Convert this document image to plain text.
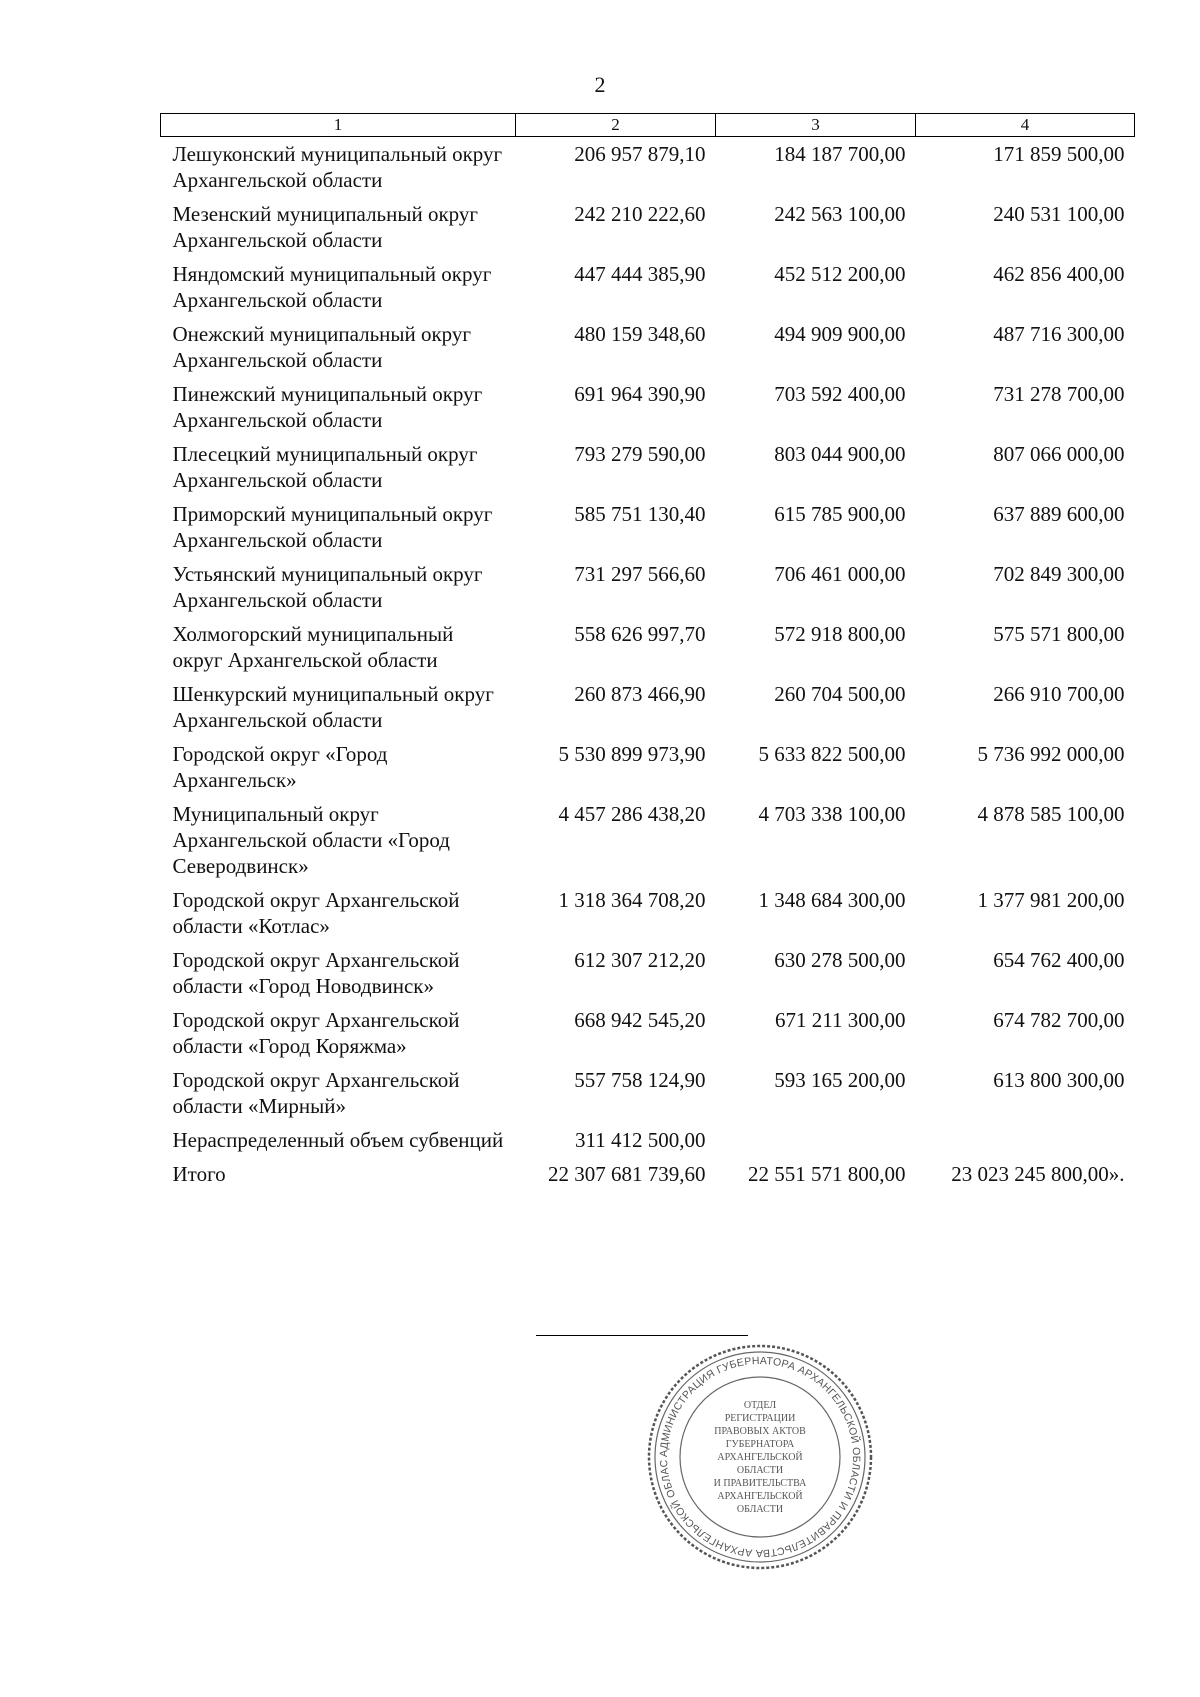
2
1	2	3	4
Лешуконский муниципальный округ Архангельской области	206 957 879,10	184 187 700,00	171 859 500,00
Мезенский муниципальный округ Архангельской области	242 210 222,60	242 563 100,00	240 531 100,00
Няндомский муниципальный округ Архангельской области	447 444 385,90	452 512 200,00	462 856 400,00
Онежский муниципальный округ Архангельской области	480 159 348,60	494 909 900,00	487 716 300,00
Пинежский муниципальный округ Архангельской области	691 964 390,90	703 592 400,00	731 278 700,00
Плесецкий муниципальный округ Архангельской области	793 279 590,00	803 044 900,00	807 066 000,00
Приморский муниципальный округ Архангельской области	585 751 130,40	615 785 900,00	637 889 600,00
Устьянский муниципальный округ Архангельской области	731 297 566,60	706 461 000,00	702 849 300,00
Холмогорский муниципальный округ Архангельской области	558 626 997,70	572 918 800,00	575 571 800,00
Шенкурский муниципальный округ Архангельской области	260 873 466,90	260 704 500,00	266 910 700,00
Городской округ «Город Архангельск»	5 530 899 973,90	5 633 822 500,00	5 736 992 000,00
Муниципальный округ Архангельской области «Город Северодвинск»	4 457 286 438,20	4 703 338 100,00	4 878 585 100,00
Городской округ Архангельской области «Котлас»	1 318 364 708,20	1 348 684 300,00	1 377 981 200,00
Городской округ Архангельской области «Город Новодвинск»	612 307 212,20	630 278 500,00	654 762 400,00
Городской округ Архангельской области «Город Коряжма»	668 942 545,20	671 211 300,00	674 782 700,00
Городской округ Архангельской области «Мирный»	557 758 124,90	593 165 200,00	613 800 300,00
Нераспределенный объем субвенций	311 412 500,00		
Итого	22 307 681 739,60	22 551 571 800,00	23 023 245 800,00».
АДМИНИСТРАЦИЯ ГУБЕРНАТОРА АРХАНГЕЛЬСКОЙ ОБЛАСТИ И ПРАВИТЕЛЬСТВА АРХАНГЕЛЬСКОЙ ОБЛАС
ОТДЕЛ
РЕГИСТРАЦИИ
ПРАВОВЫХ АКТОВ
ГУБЕРНАТОРА
АРХАНГЕЛЬСКОЙ
ОБЛАСТИ
И ПРАВИТЕЛЬСТВА
АРХАНГЕЛЬСКОЙ
ОБЛАСТИ
